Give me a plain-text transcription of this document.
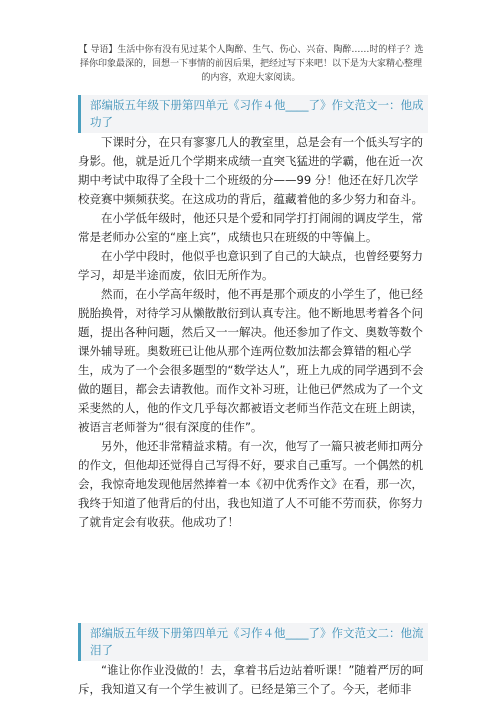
【 导语】生活中你有没有见过某个人陶醉、生气、伤心、兴奋、陶醉……时的样子？选择你印象最深的，回想一下事情的前因后果，把经过写下来吧！以下是为大家精心整理的内容，欢迎大家阅读。
部编版五年级下册第四单元《习作４他____了》作文范文一：他成功了

下课时分，在只有寥寥几人的教室里，总是会有一个低头写字的身影。他，就是近几个学期来成绩一直突飞猛进的学霸，他在近一次期中考试中取得了全段十二个班级的分——99 分！他还在好几次学校竞赛中频频获奖。在这成功的背后，蕴藏着他的多少努力和奋斗。

在小学低年级时，他还只是个爱和同学打打闹闹的调皮学生，常常是老师办公室的“座上宾”，成绩也只在班级的中等偏上。

在小学中段时，他似乎也意识到了自己的大缺点，也曾经要努力学习，却是半途而废，依旧无所作为。

然而，在小学高年级时，他不再是那个顽皮的小学生了，他已经脱胎换骨，对待学习从懒散散衍到认真专注。他不断地思考着各个问题，提出各种问题，然后又一一解决。他还参加了作文、奥数等数个课外辅导班。奥数班已让他从那个连两位数加法都会算错的粗心学生，成为了一个会很多题型的“数学达人”，班上九成的同学遇到不会做的题目，都会去请教他。而作文补习班，让他已俨然成为了一个文采斐然的人，他的作文几乎每次都被语文老师当作范文在班上朗读，被语言老师誉为“很有深度的佳作”。

另外，他还非常精益求精。有一次，他写了一篇只被老师扣两分的作文，但他却还觉得自己写得不好，要求自己重写。一个偶然的机会，我惊奇地发现他居然捧着一本《初中优秀作文》在看，那一次，我终于知道了他背后的付出，我也知道了人不可能不劳而获，你努力了就肯定会有收获。他成功了！

部编版五年级下册第四单元《习作４他____了》作文范文二：他流泪了

“谁让你作业没做的！去，拿着书后边站着听课！”随着严厉的呵斥，我知道又有一个学生被训了。已经是第三个了。今天，老师非
